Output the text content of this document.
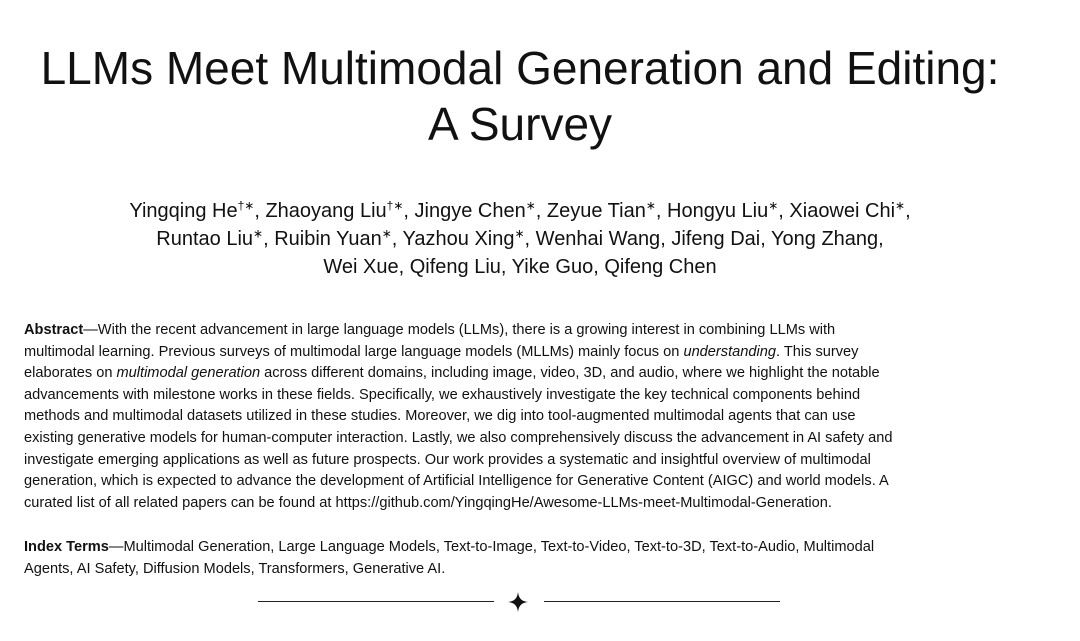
LLMs Meet Multimodal Generation and Editing:
A Survey
Yingqing He†∗, Zhaoyang Liu†∗, Jingye Chen∗, Zeyue Tian∗, Hongyu Liu∗, Xiaowei Chi∗,
Runtao Liu∗, Ruibin Yuan∗, Yazhou Xing∗, Wenhai Wang, Jifeng Dai, Yong Zhang,
Wei Xue, Qifeng Liu, Yike Guo, Qifeng Chen

Abstract—With the recent advancement in large language models (LLMs), there is a growing interest in combining LLMs with
multimodal learning. Previous surveys of multimodal large language models (MLLMs) mainly focus on understanding. This survey
elaborates on multimodal generation across different domains, including image, video, 3D, and audio, where we highlight the notable
advancements with milestone works in these fields. Specifically, we exhaustively investigate the key technical components behind
methods and multimodal datasets utilized in these studies. Moreover, we dig into tool-augmented multimodal agents that can use
existing generative models for human-computer interaction. Lastly, we also comprehensively discuss the advancement in AI safety and
investigate emerging applications as well as future prospects. Our work provides a systematic and insightful overview of multimodal
generation, which is expected to advance the development of Artificial Intelligence for Generative Content (AIGC) and world models. A
curated list of all related papers can be found at https://github.com/YingqingHe/Awesome-LLMs-meet-Multimodal-Generation.

Index Terms—Multimodal Generation, Large Language Models, Text-to-Image, Text-to-Video, Text-to-3D, Text-to-Audio, Multimodal
Agents, AI Safety, Diffusion Models, Transformers, Generative AI.
